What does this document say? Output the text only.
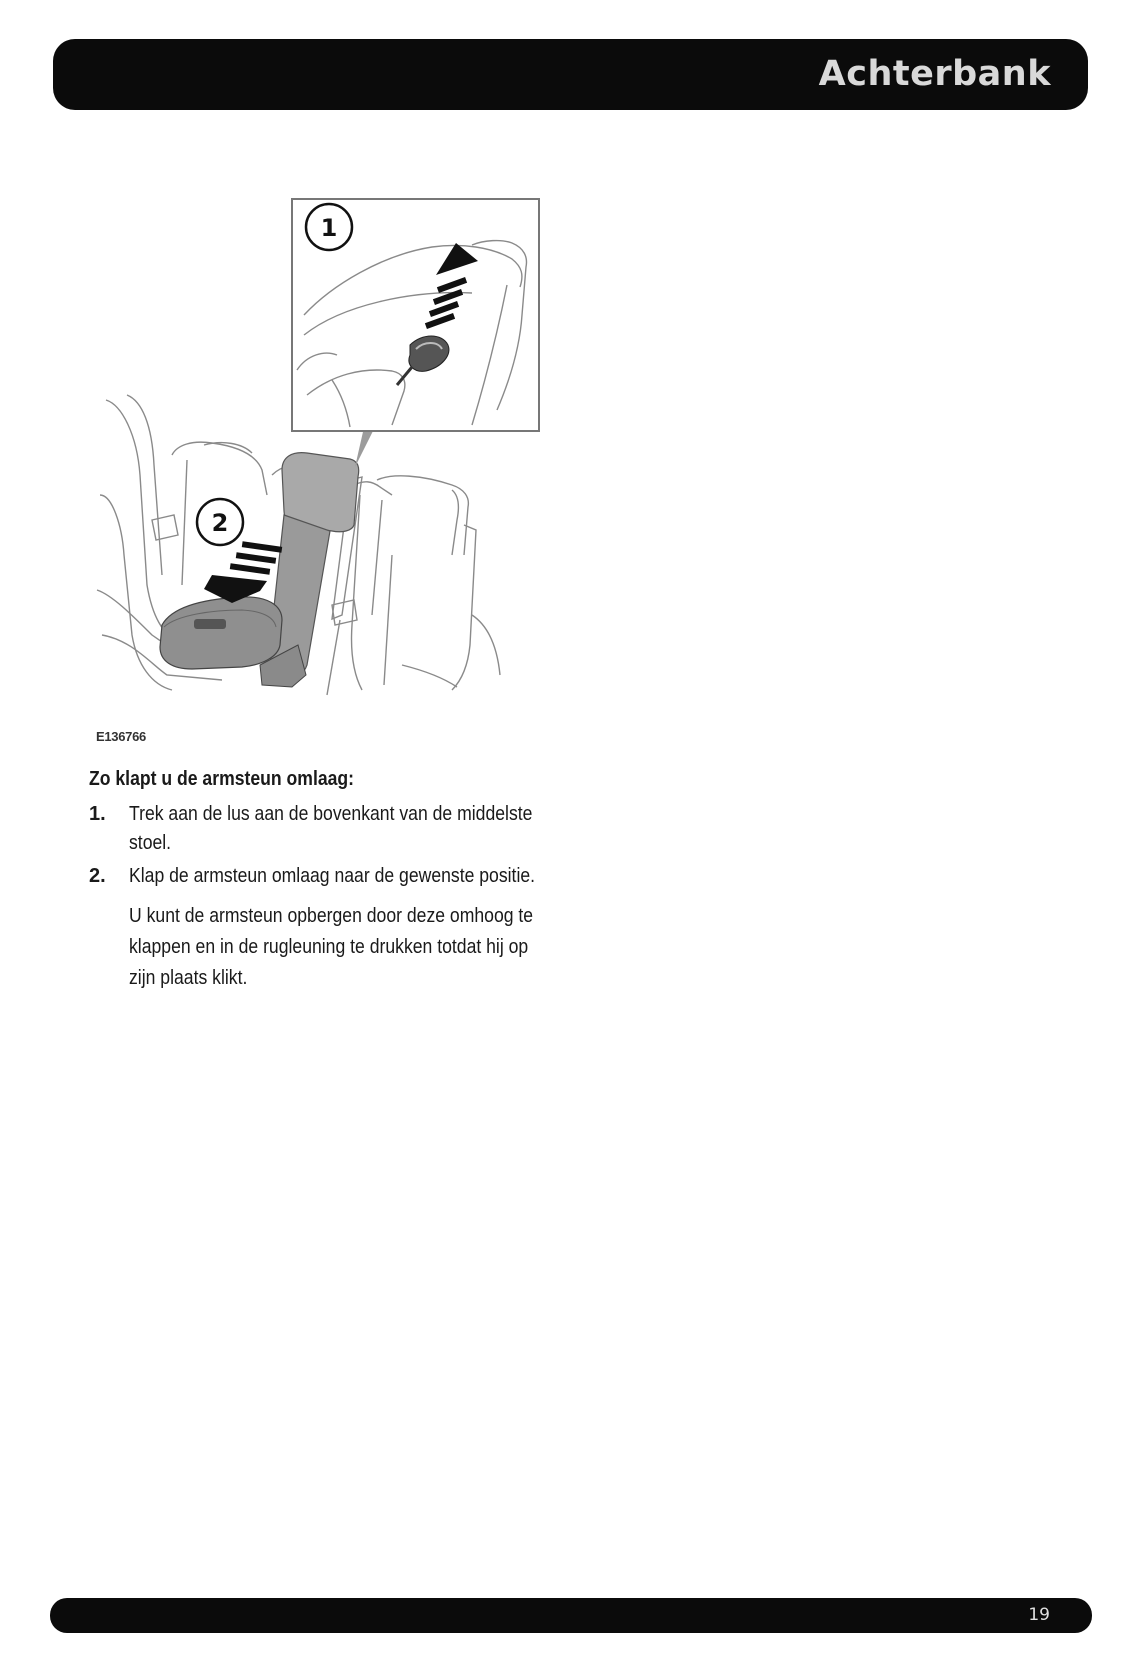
Achterbank
2
1
E136766
Zo klapt u de armsteun omlaag:
1. Trek aan de lus aan de bovenkant van de middelste stoel.
2. Klap de armsteun omlaag naar de gewenste positie.
U kunt de armsteun opbergen door deze omhoog te klappen en in de rugleuning te drukken totdat hij op zijn plaats klikt.
19
